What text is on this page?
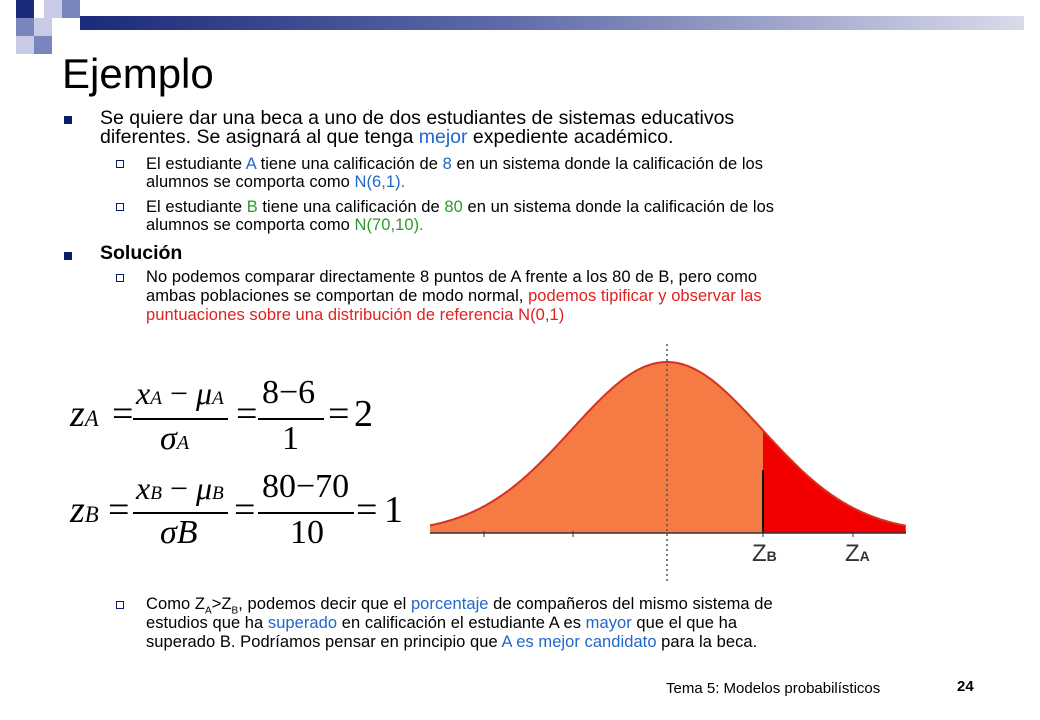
Ejemplo
Se quiere dar una beca a uno de dos estudiantes de sistemas educativos
diferentes. Se asignará al que tenga mejor expediente académico.
El estudiante A tiene una calificación de 8 en un sistema donde la calificación de los
alumnos se comporta como N(6,1).
El estudiante B tiene una calificación de 80 en un sistema donde la calificación de los
alumnos se comporta como N(70,10).
Solución
No podemos comparar directamente 8 puntos de A frente a los 80 de B, pero como
ambas poblaciones se comportan de modo normal, podemos tipificar y observar las
puntuaciones sobre una distribución de referencia N(0,1)
zA = xA − μA
σA
=
8−6
1
= 2
zB =
xB − μB
σB
=
80−70
10
= 1
ZB	ZA
Como $Z_A>Z_B$, podemos decir que el porcentaje de compañeros del mismo sistema de
estudios que ha superado en calificación el estudiante A es mayor que el que ha
superado B. Podríamos pensar en principio que A es mejor candidato para la beca.
Tema 5: Modelos probabilísticos	24
